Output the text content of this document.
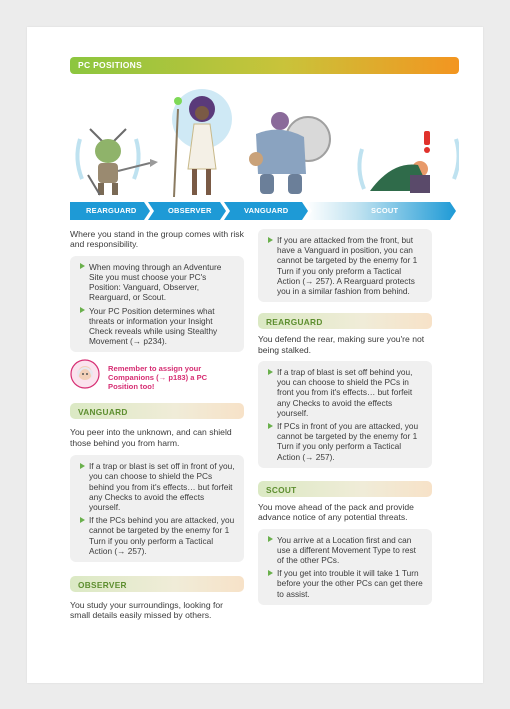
PC POSITIONS
REARGUARD	OBSERVER	VANGUARD	SCOUT

Where you stand in the group comes with risk and responsibility.

When moving through an Adventure Site you must choose your PC's Position: Vanguard, Observer, Rearguard, or Scout.
Your PC Position determines what threats or information your Insight Check reveals while using Stealthy Movement (→ p234).
Remember to assign your Companions (→ p183) a PC Position too!
VANGUARD

You peer into the unknown, and can shield those behind you from harm.

If a trap or blast is set off in front of you, you can choose to shield the PCs behind you from it's effects… but forfeit any Checks to avoid the effects yourself.
If the PCs behind you are attacked, you cannot be targeted by the enemy for 1 Turn if you only perform a Tactical Action (→ 257).
OBSERVER

You study your surroundings, looking for small details easily missed by others.

If you are attacked from the front, but have a Vanguard in position, you can cannot be targeted by the enemy for 1 Turn if you only preform a Tactical Action (→ 257). A Rearguard protects you in a similar fashion from behind.
REARGUARD

You defend the rear, making sure you're not being stalked.

If a trap of blast is set off behind you, you can choose to shield the PCs in front you from it's effects… but forfeit any Checks to avoid the effects yourself.
If PCs in front of you are attacked, you cannot be targeted by the enemy for 1 Turn if you only perform a Tactical Action (→ 257).
SCOUT

You move ahead of the pack and provide advance notice of any potential threats.

You arrive at a Location first and can use a different Movement Type to rest of the other PCs.
If you get into trouble it will take 1 Turn before your the other PCs can get there to assist.
